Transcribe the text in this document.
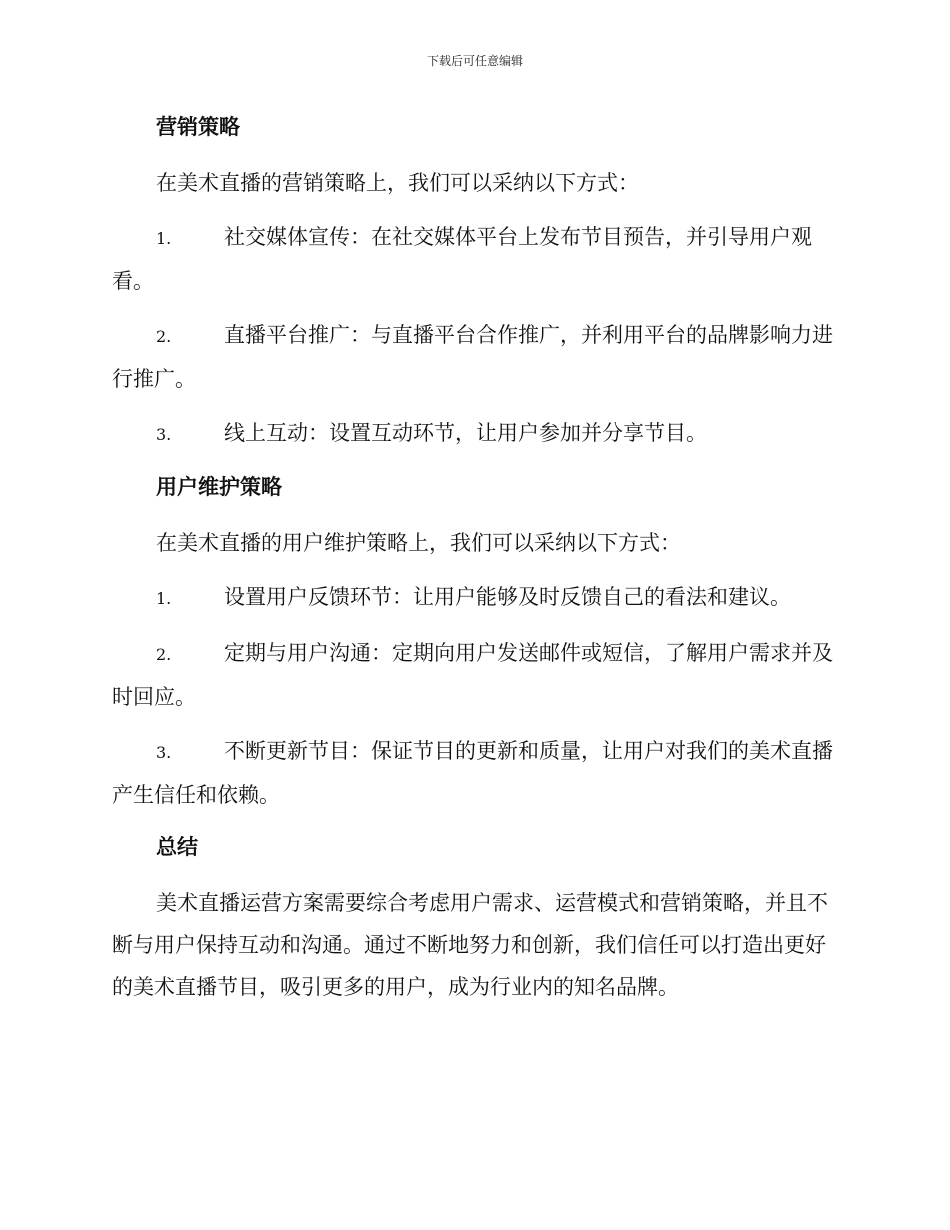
下载后可任意编辑
营销策略

在美术直播的营销策略上，我们可以采纳以下方式：

1.	社交媒体宣传：在社交媒体平台上发布节目预告，并引导用户观看。

2.	直播平台推广：与直播平台合作推广，并利用平台的品牌影响力进行推广。

3.	线上互动：设置互动环节，让用户参加并分享节目。

用户维护策略

在美术直播的用户维护策略上，我们可以采纳以下方式：

1.	设置用户反馈环节：让用户能够及时反馈自己的看法和建议。

2.	定期与用户沟通：定期向用户发送邮件或短信，了解用户需求并及时回应。

3.	不断更新节目：保证节目的更新和质量，让用户对我们的美术直播产生信任和依赖。

总结

美术直播运营方案需要综合考虑用户需求、运营模式和营销策略，并且不断与用户保持互动和沟通。通过不断地努力和创新，我们信任可以打造出更好的美术直播节目，吸引更多的用户，成为行业内的知名品牌。
